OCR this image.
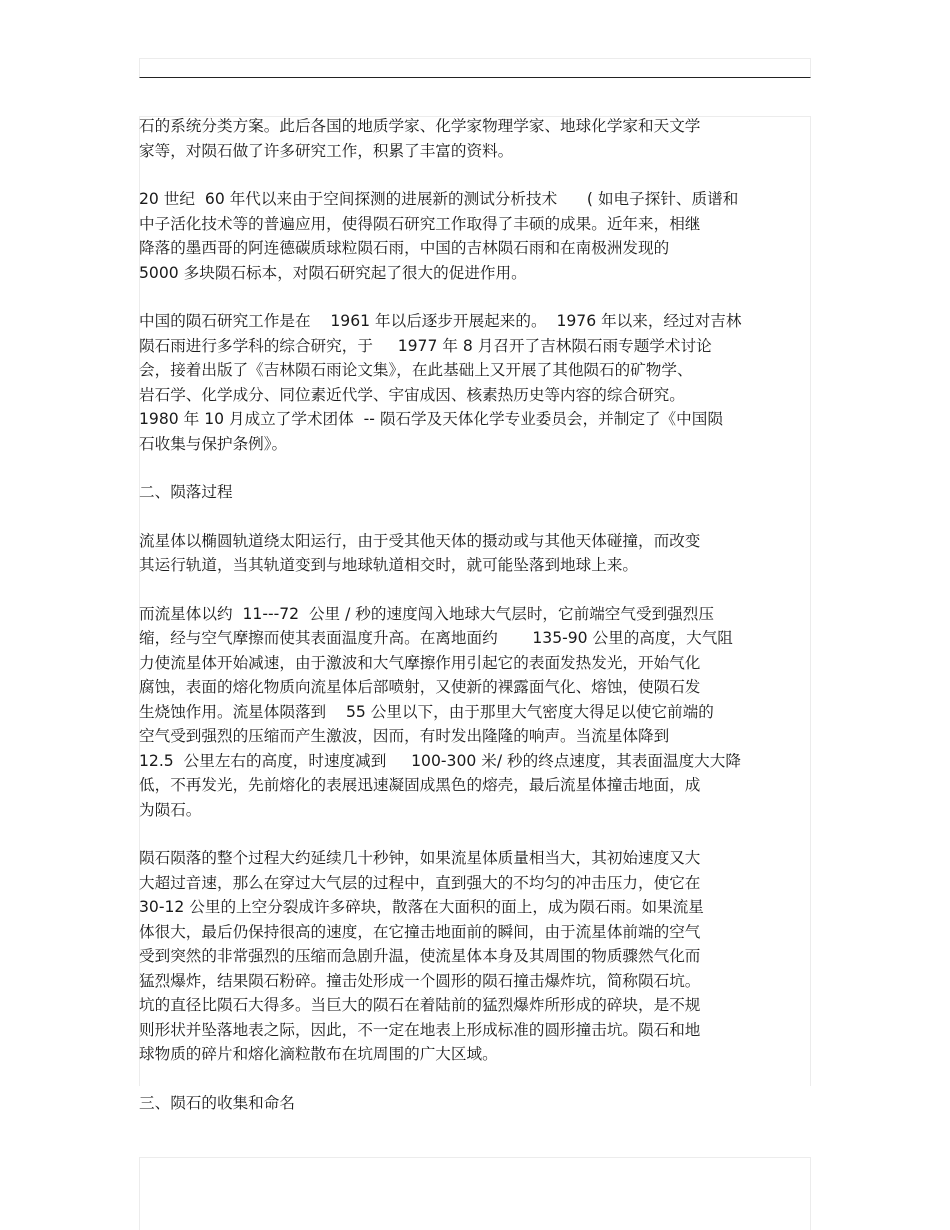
石的系统分类方案。此后各国的地质学家、化学家物理学家、地球化学家和天文学
家等，对陨石做了许多研究工作，积累了丰富的资料。
20 世纪  60 年代以来由于空间探测的进展新的测试分析技术      ( 如电子探针、质谱和
中子活化技术等的普遍应用，使得陨石研究工作取得了丰硕的成果。近年来，相继
降落的墨西哥的阿连德碳质球粒陨石雨，中国的吉林陨石雨和在南极洲发现的
5000 多块陨石标本，对陨石研究起了很大的促进作用。
中国的陨石研究工作是在    1961 年以后逐步开展起来的。  1976 年以来，经过对吉林
陨石雨进行多学科的综合研究，于     1977 年 8 月召开了吉林陨石雨专题学术讨论
会，接着出版了《吉林陨石雨论文集》，在此基础上又开展了其他陨石的矿物学、
岩石学、化学成分、同位素近代学、宇宙成因、核素热历史等内容的综合研究。
1980 年 10 月成立了学术团体  -- 陨石学及天体化学专业委员会，并制定了《中国陨
石收集与保护条例》。
二、陨落过程
流星体以椭圆轨道绕太阳运行，由于受其他天体的摄动或与其他天体碰撞，而改变
其运行轨道，当其轨道变到与地球轨道相交时，就可能坠落到地球上来。
而流星体以约  11---72  公里 / 秒的速度闯入地球大气层时，它前端空气受到强烈压
缩，经与空气摩擦而使其表面温度升高。在离地面约       135-90 公里的高度，大气阻
力使流星体开始减速，由于激波和大气摩擦作用引起它的表面发热发光，开始气化
腐蚀，表面的熔化物质向流星体后部喷射，又使新的裸露面气化、熔蚀，使陨石发
生烧蚀作用。流星体陨落到    55 公里以下，由于那里大气密度大得足以使它前端的
空气受到强烈的压缩而产生激波，因而，有时发出隆隆的响声。当流星体降到
12.5  公里左右的高度，时速度减到     100-300 米/ 秒的终点速度，其表面温度大大降
低，不再发光，先前熔化的表展迅速凝固成黑色的熔壳，最后流星体撞击地面，成
为陨石。
陨石陨落的整个过程大约延续几十秒钟，如果流星体质量相当大，其初始速度又大
大超过音速，那么在穿过大气层的过程中，直到强大的不均匀的冲击压力，使它在
30-12 公里的上空分裂成许多碎块，散落在大面积的面上，成为陨石雨。如果流星
体很大，最后仍保持很高的速度，在它撞击地面前的瞬间，由于流星体前端的空气
受到突然的非常强烈的压缩而急剧升温，使流星体本身及其周围的物质骤然气化而
猛烈爆炸，结果陨石粉碎。撞击处形成一个圆形的陨石撞击爆炸坑，简称陨石坑。
坑的直径比陨石大得多。当巨大的陨石在着陆前的猛烈爆炸所形成的碎块，是不规
则形状并坠落地表之际，因此，不一定在地表上形成标准的圆形撞击坑。陨石和地
球物质的碎片和熔化滴粒散布在坑周围的广大区域。
三、陨石的收集和命名
